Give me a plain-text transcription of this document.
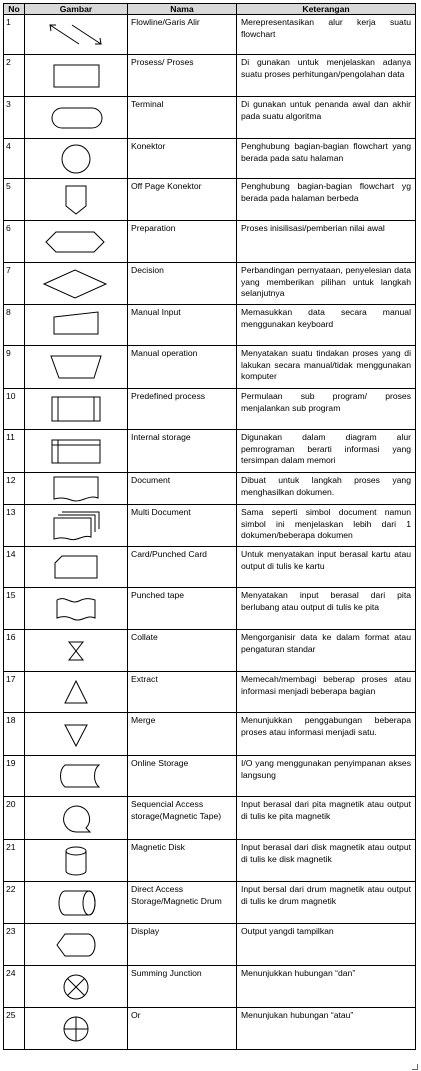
No	Gambar	Nama	Keterangan
1		Flowline/Garis Alir	Merepresentasikan alur kerja suatu flowchart
2		Prosess/ Proses	Di gunakan untuk menjelaskan adanya suatu proses perhitungan/pengolahan data
3		Terminal	Di gunakan untuk penanda awal dan akhir pada suatu algoritma
4		Konektor	Penghubung bagian-bagian flowchart yang berada pada satu halaman
5		Off Page Konektor	Penghubung bagian-bagian flowchart yg berada pada halaman berbeda
6		Preparation	Proses inisilisasi/pemberian nilai awal
7		Decision	Perbandingan pernyataan, penyelesian data yang memberikan pilihan untuk langkah selanjutnya
8		Manual Input	Memasukkan data secara manual menggunakan keyboard
9		Manual operation	Menyatakan suatu tindakan proses yang di lakukan secara manual/tidak menggunakan komputer
10		Predefined process	Permulaan sub program/ proses menjalankan sub program
11		Internal storage	Digunakan dalam diagram alur pemrograman berarti informasi yang tersimpan dalam memori
12		Document	Dibuat untuk langkah proses yang menghasilkan dokumen.
13		Multi Document	Sama seperti simbol document namun simbol ini menjelaskan lebih dari 1 dokumen/beberapa dokumen
14		Card/Punched Card	Untuk menyatakan input berasal kartu atau output di tulis ke kartu
15		Punched tape	Menyatakan input berasal dari pita berlubang atau output di tulis ke pita
16		Collate	Mengorganisir data ke dalam format atau pengaturan standar
17		Extract	Memecah/membagi beberap proses atau informasi menjadi beberapa bagian
18		Merge	Menunjukkan penggabungan beberapa proses atau informasi menjadi satu.
19		Online Storage	I/O yang menggunakan penyimpanan akses langsung
20		Sequencial Access storage(Magnetic Tape)	Input berasal dari pita magnetik atau output di tulis ke pita magnetik
21		Magnetic Disk	Input berasal dari disk magnetik atau output di tulis ke disk magnetik
22		Direct Access Storage/Magnetic Drum	Input bersal dari drum magnetik atau output di tulis ke drum magnetik
23		Display	Output yangdi tampilkan
24		Summing Junction	Menunjukkan hubungan “dan”
25		Or	Menunjukan hubungan “atau”
